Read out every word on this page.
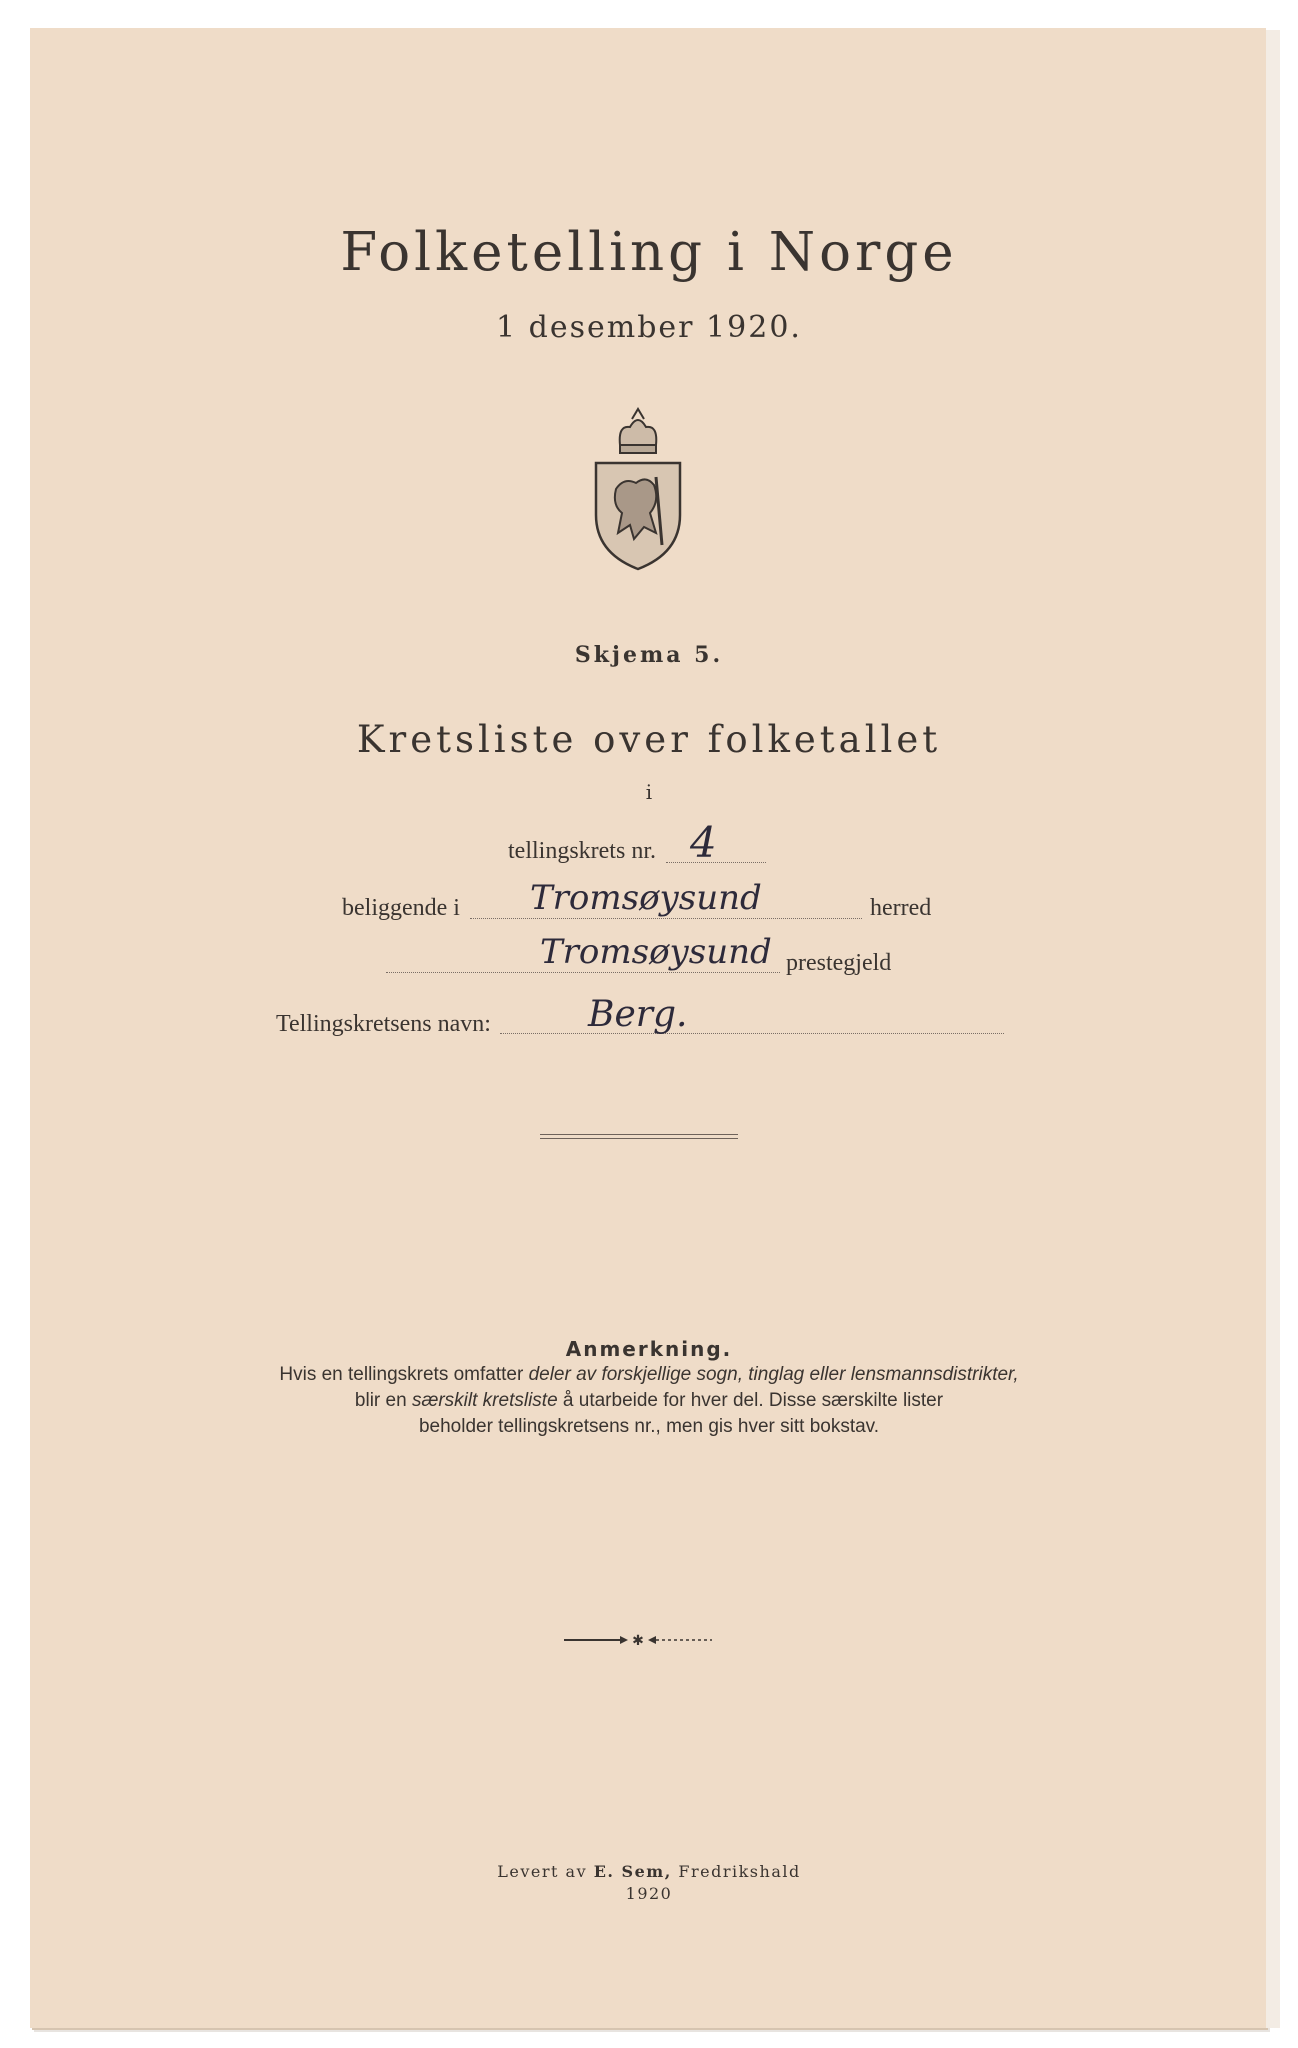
Folketelling i Norge
1 desember 1920.
Skjema 5.
Kretsliste over folketallet
i
tellingskrets nr. 4
beliggende i Tromsøysund	herred
Tromsøysund prestegjeld
Tellingskretsens navn:	Berg.
Anmerkning.
Hvis en tellingskrets omfatter deler av forskjellige sogn, tinglag eller lensmannsdistrikter,
blir en særskilt kretsliste å utarbeide for hver del. Disse særskilte lister
beholder tellingskretsens nr., men gis hver sitt bokstav.
✱
Levert av E. Sem, Fredrikshald
1920
